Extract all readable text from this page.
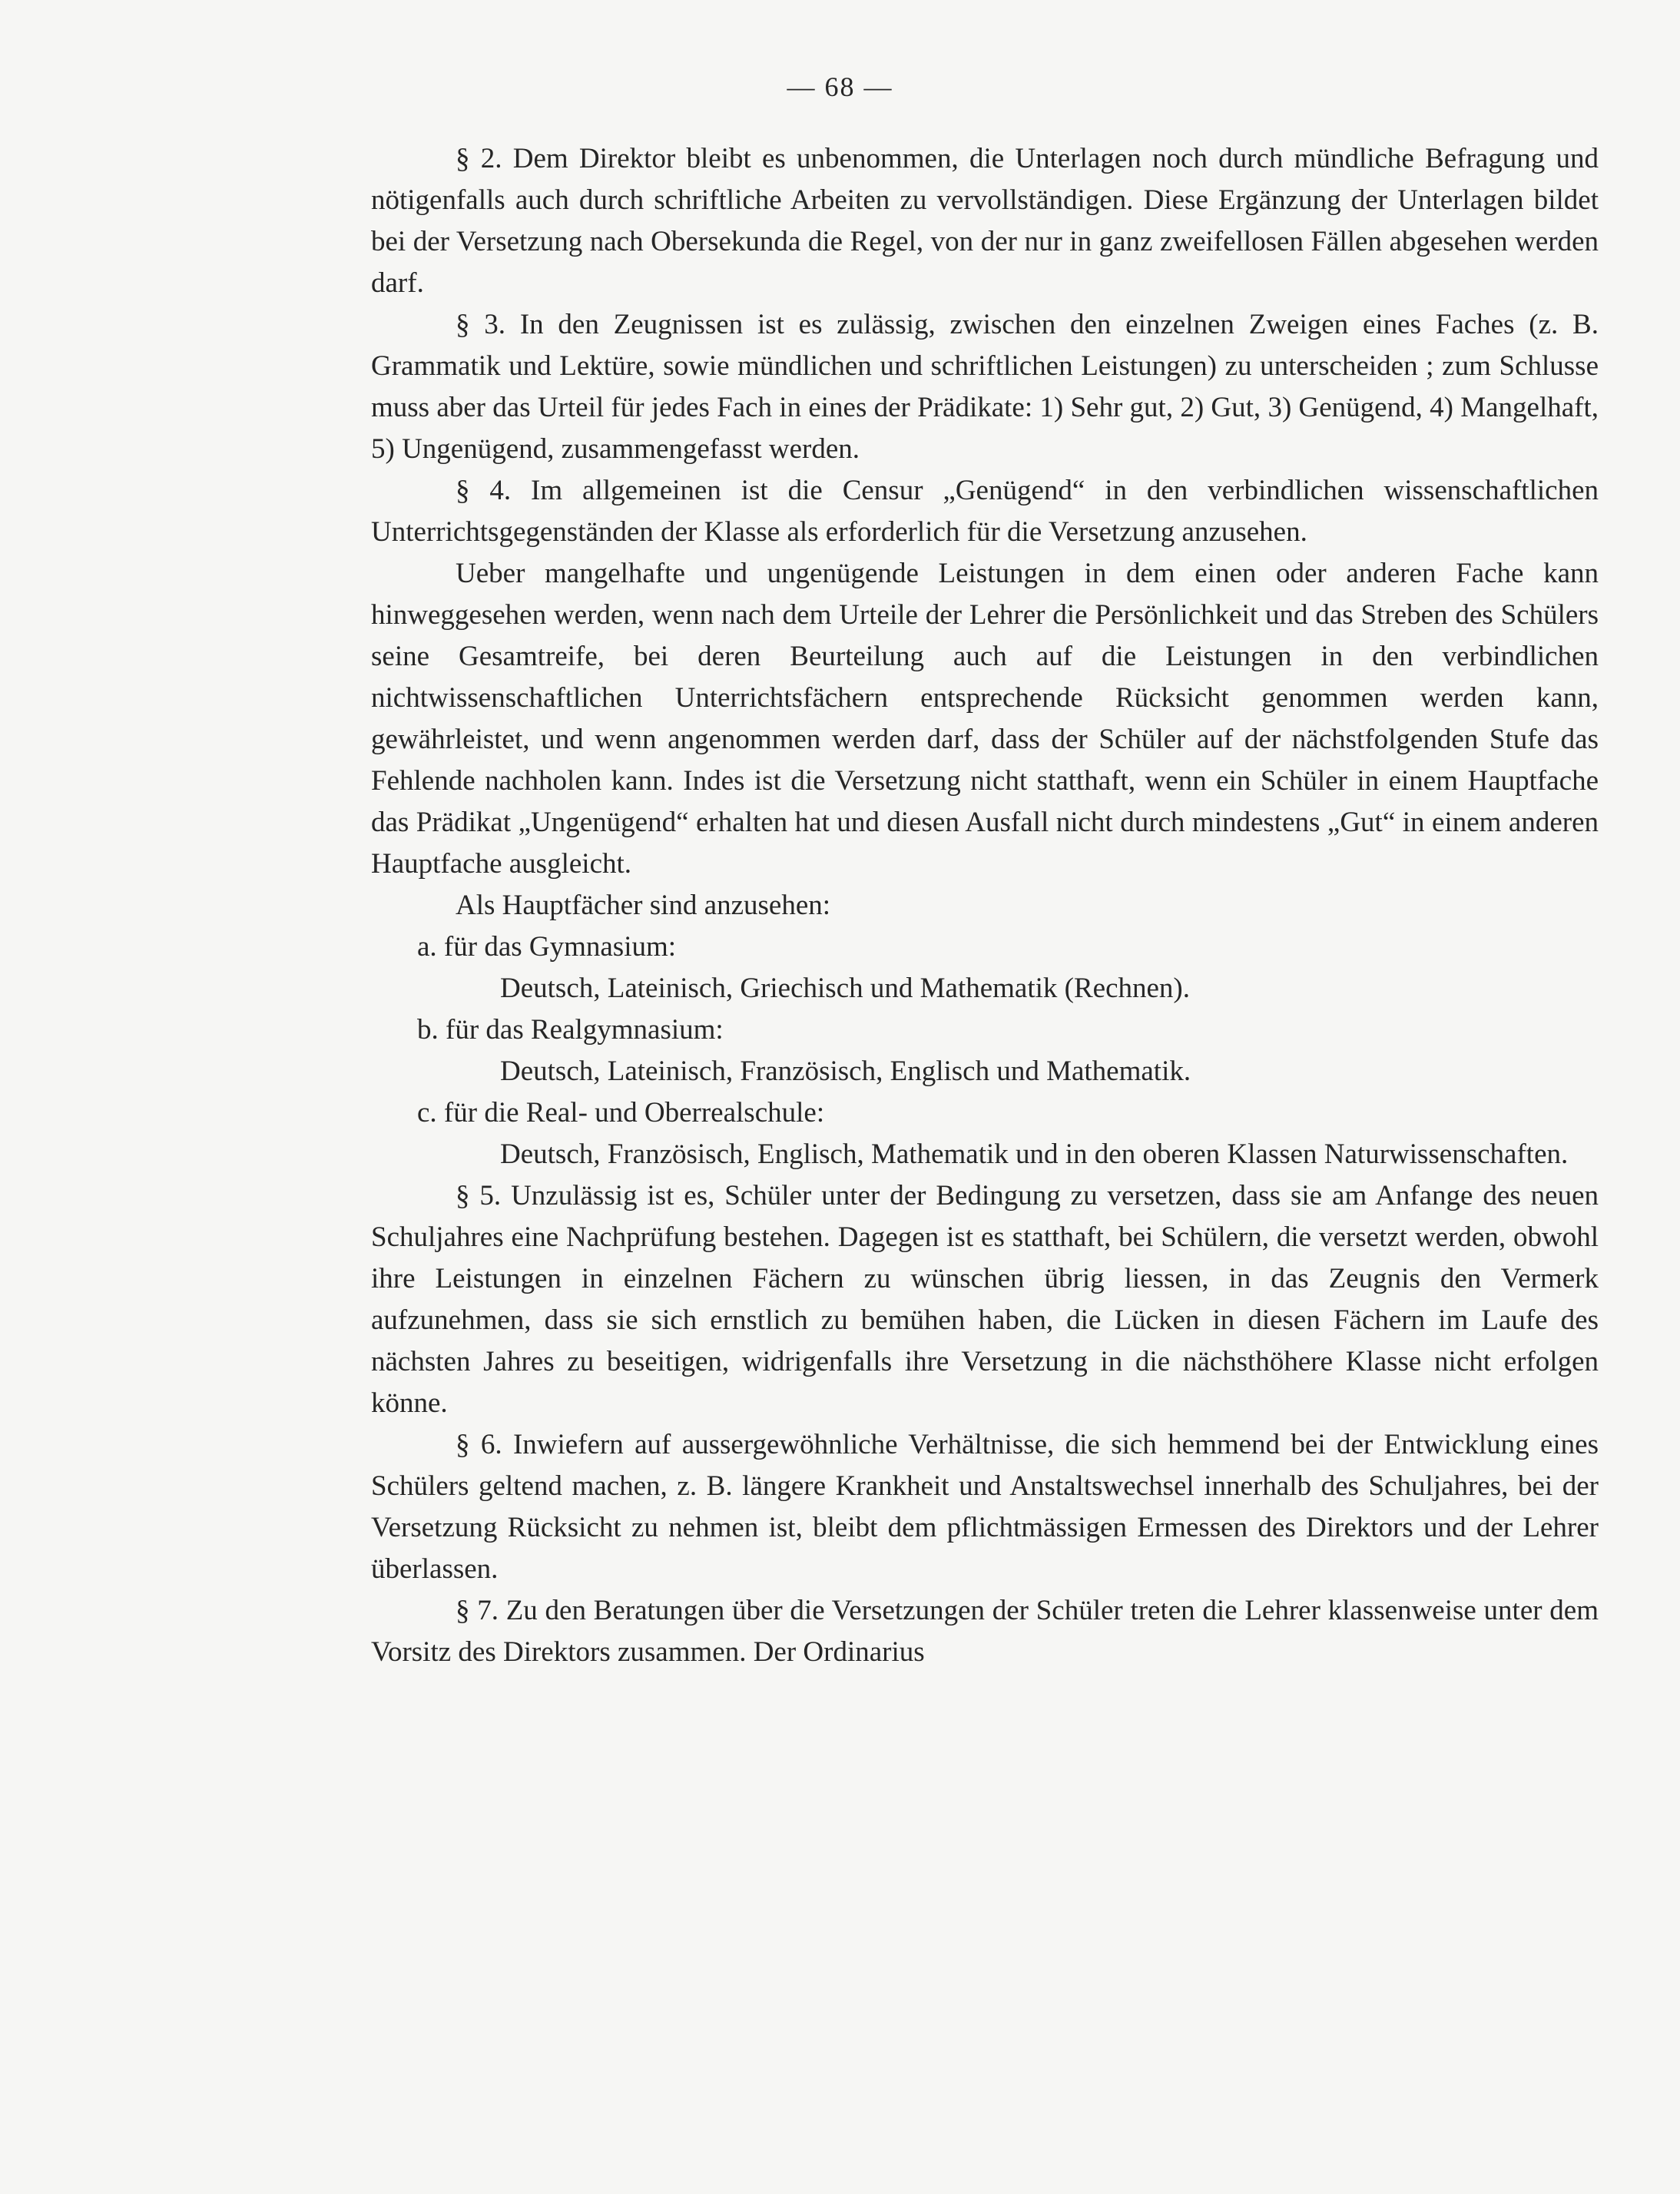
— 68 —

§ 2. Dem Direktor bleibt es unbenommen, die Unterlagen noch durch mündliche Befragung und nötigenfalls auch durch schriftliche Arbeiten zu vervollständigen. Diese Ergänzung der Unterlagen bildet bei der Versetzung nach Obersekunda die Regel, von der nur in ganz zweifellosen Fällen abgesehen werden darf.

§ 3. In den Zeugnissen ist es zulässig, zwischen den einzelnen Zweigen eines Faches (z. B. Grammatik und Lektüre, sowie mündlichen und schriftlichen Leistungen) zu unterscheiden ; zum Schlusse muss aber das Urteil für jedes Fach in eines der Prädikate: 1) Sehr gut, 2) Gut, 3) Genügend, 4) Mangelhaft, 5) Ungenügend, zusammengefasst werden.

§ 4. Im allgemeinen ist die Censur „Genügend“ in den verbindlichen wissenschaftlichen Unterrichtsgegenständen der Klasse als erforderlich für die Versetzung anzusehen.

Ueber mangelhafte und ungenügende Leistungen in dem einen oder anderen Fache kann hinweggesehen werden, wenn nach dem Urteile der Lehrer die Persönlichkeit und das Streben des Schülers seine Gesamtreife, bei deren Beurteilung auch auf die Leistungen in den verbindlichen nichtwissenschaftlichen Unterrichtsfächern entsprechende Rücksicht genommen werden kann, gewährleistet, und wenn angenommen werden darf, dass der Schüler auf der nächstfolgenden Stufe das Fehlende nachholen kann. Indes ist die Versetzung nicht statthaft, wenn ein Schüler in einem Hauptfache das Prädikat „Ungenügend“ erhalten hat und diesen Ausfall nicht durch mindestens „Gut“ in einem anderen Hauptfache ausgleicht.

Als Hauptfächer sind anzusehen:

a. für das Gymnasium:

Deutsch, Lateinisch, Griechisch und Mathematik (Rechnen).

b. für das Realgymnasium:

Deutsch, Lateinisch, Französisch, Englisch und Mathematik.

c. für die Real- und Oberrealschule:

Deutsch, Französisch, Englisch, Mathematik und in den oberen Klassen Naturwissenschaften.

§ 5. Unzulässig ist es, Schüler unter der Bedingung zu versetzen, dass sie am Anfange des neuen Schuljahres eine Nachprüfung bestehen. Dagegen ist es statthaft, bei Schülern, die versetzt werden, obwohl ihre Leistungen in einzelnen Fächern zu wünschen übrig liessen, in das Zeugnis den Vermerk aufzunehmen, dass sie sich ernstlich zu bemühen haben, die Lücken in diesen Fächern im Laufe des nächsten Jahres zu beseitigen, widrigenfalls ihre Versetzung in die nächsthöhere Klasse nicht erfolgen könne.

§ 6. Inwiefern auf aussergewöhnliche Verhältnisse, die sich hemmend bei der Entwicklung eines Schülers geltend machen, z. B. längere Krankheit und Anstaltswechsel innerhalb des Schuljahres, bei der Versetzung Rücksicht zu nehmen ist, bleibt dem pflichtmässigen Ermessen des Direktors und der Lehrer überlassen.

§ 7. Zu den Beratungen über die Versetzungen der Schüler treten die Lehrer klassenweise unter dem Vorsitz des Direktors zusammen. Der Ordinarius
